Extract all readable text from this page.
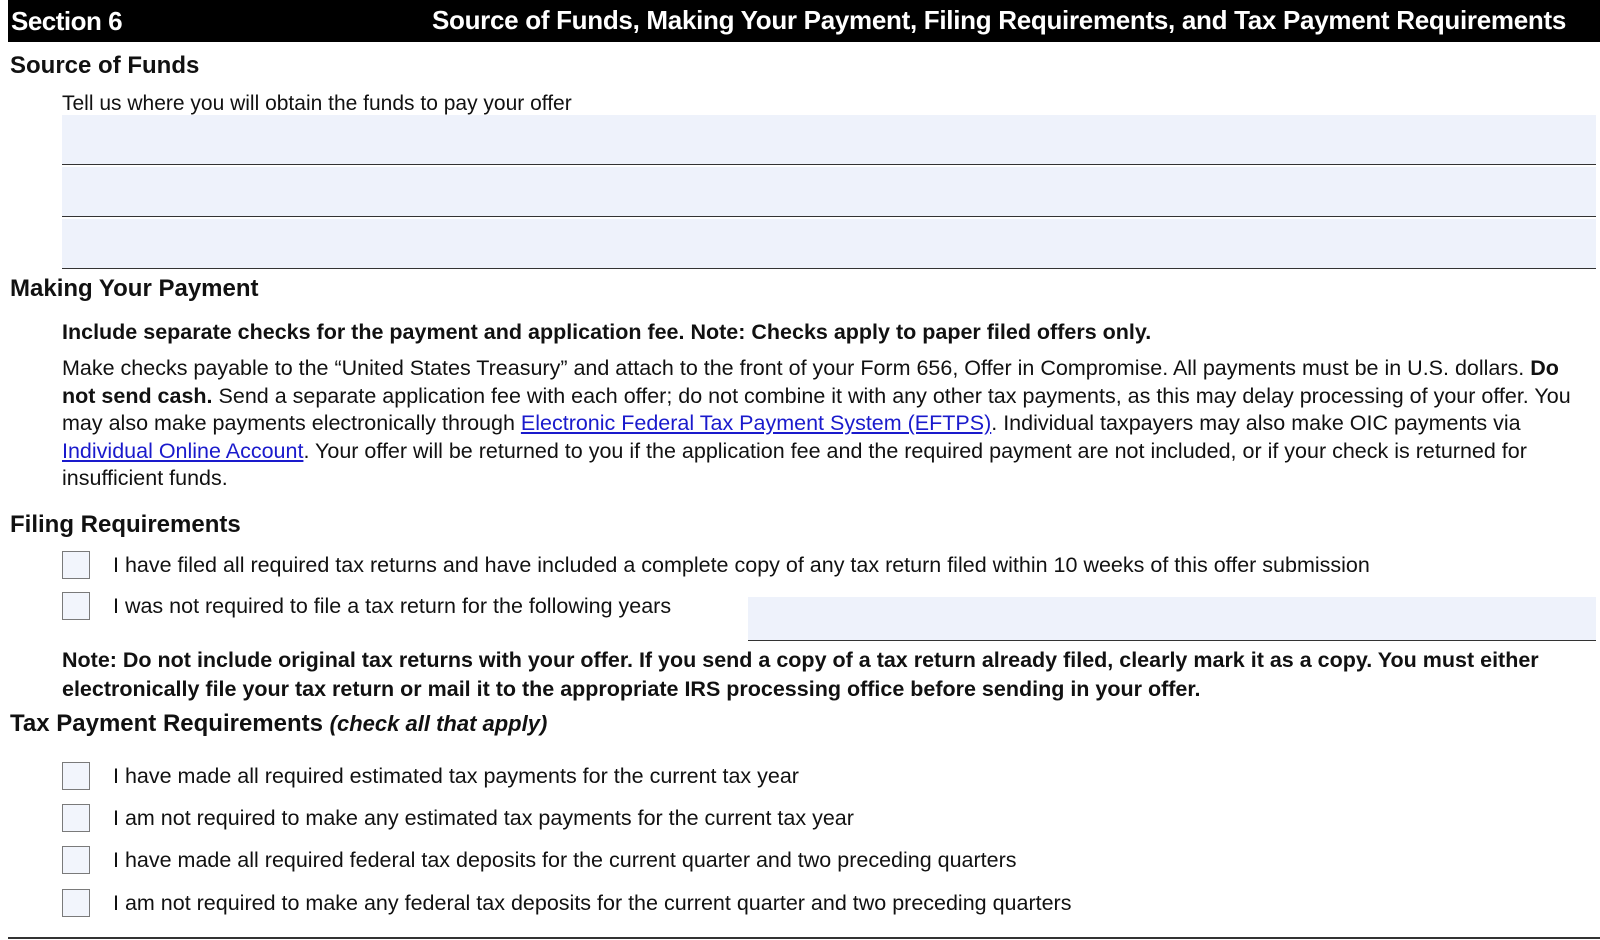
Section 6	Source of Funds, Making Your Payment, Filing Requirements, and Tax Payment Requirements
Source of Funds
Tell us where you will obtain the funds to pay your offer
Making Your Payment
Include separate checks for the payment and application fee. Note: Checks apply to paper filed offers only.
Make checks payable to the “United States Treasury” and attach to the front of your Form 656, Offer in Compromise. All payments must be in U.S. dollars. Do not send cash. Send a separate application fee with each offer; do not combine it with any other tax payments, as this may delay processing of your offer. You may also make payments electronically through Electronic Federal Tax Payment System (EFTPS). Individual taxpayers may also make OIC payments via Individual Online Account. Your offer will be returned to you if the application fee and the required payment are not included, or if your check is returned for insufficient funds.
Filing Requirements
I have filed all required tax returns and have included a complete copy of any tax return filed within 10 weeks of this offer submission
I was not required to file a tax return for the following years
Note: Do not include original tax returns with your offer. If you send a copy of a tax return already filed, clearly mark it as a copy. You must either electronically file your tax return or mail it to the appropriate IRS processing office before sending in your offer.
Tax Payment Requirements (check all that apply)
I have made all required estimated tax payments for the current tax year
I am not required to make any estimated tax payments for the current tax year
I have made all required federal tax deposits for the current quarter and two preceding quarters
I am not required to make any federal tax deposits for the current quarter and two preceding quarters
